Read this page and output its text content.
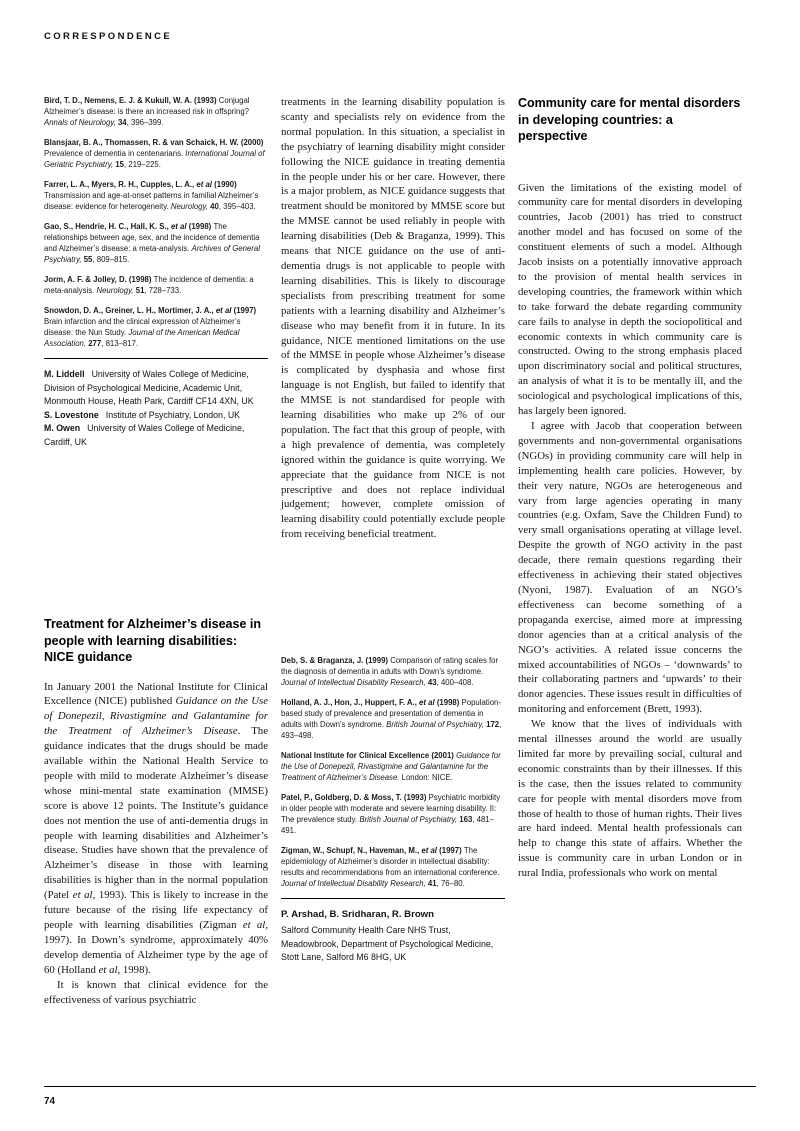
CORRESPONDENCE

Bird, T. D., Nemens, E. J. & Kukull, W. A. (1993) Conjugal Alzheimer’s disease: is there an increased risk in offspring? Annals of Neurology, 34, 396–399.

Blansjaar, B. A., Thomassen, R. & van Schaick, H. W. (2000) Prevalence of dementia in centenarians. International Journal of Geriatric Psychiatry, 15, 219–225.

Farrer, L. A., Myers, R. H., Cupples, L. A., et al (1990) Transmission and age-at-onset patterns in familial Alzheimer’s disease: evidence for heterogeneity. Neurology, 40, 395–403.

Gao, S., Hendrie, H. C., Hall, K. S., et al (1998) The relationships between age, sex, and the incidence of dementia and Alzheimer’s disease: a meta-analysis. Archives of General Psychiatry, 55, 809–815.

Jorm, A. F. & Jolley, D. (1998) The incidence of dementia: a meta-analysis. Neurology, 51, 728–733.

Snowdon, D. A., Greiner, L. H., Mortimer, J. A., et al (1997) Brain infarction and the clinical expression of Alzheimer’s disease: the Nun Study. Journal of the American Medical Association, 277, 813–817.

M. Liddell University of Wales College of Medicine, Division of Psychological Medicine, Academic Unit, Monmouth House, Heath Park, Cardiff CF14 4XN, UK

S. Lovestone Institute of Psychiatry, London, UK

M. Owen University of Wales College of Medicine, Cardiff, UK

Treatment for Alzheimer’s disease in people with learning disabilities: NICE guidance

In January 2001 the National Institute for Clinical Excellence (NICE) published Guidance on the Use of Donepezil, Rivastigmine and Galantamine for the Treatment of Alzheimer’s Disease. The guidance indicates that the drugs should be made available within the National Health Service to people with mild to moderate Alzheimer’s disease whose mini-mental state examination (MMSE) score is above 12 points. The Institute’s guidance does not mention the use of anti-dementia drugs in people with learning disabilities and Alzheimer’s disease. Studies have shown that the prevalence of Alzheimer’s disease in those with learning disabilities is higher than in the normal population (Patel et al, 1993). This is likely to increase in the future because of the rising life expectancy of people with learning disabilities (Zigman et al, 1997). In Down’s syndrome, approximately 40% develop dementia of Alzheimer type by the age of 60 (Holland et al, 1998).

It is known that clinical evidence for the effectiveness of various psychiatric

treatments in the learning disability population is scanty and specialists rely on evidence from the normal population. In this situation, a specialist in the psychiatry of learning disability might consider following the NICE guidance in treating dementia in the people under his or her care. However, there is a major problem, as NICE guidance suggests that treatment should be monitored by MMSE score but the MMSE cannot be used reliably in people with learning disabilities (Deb & Braganza, 1999). This means that NICE guidance on the use of anti-dementia drugs is not applicable to people with learning disabilities. This is likely to discourage specialists from prescribing treatment for some patients with a learning disability and Alzheimer’s disease who may benefit from it in future. In its guidance, NICE mentioned limitations on the use of the MMSE in people whose Alzheimer’s disease is complicated by dysphasia and whose first language is not English, but failed to identify that the MMSE is not standardised for people with learning disabilities who make up 2% of our population. The fact that this group of people, with a high prevalence of dementia, was completely ignored within the guidance is quite worrying. We appreciate that the guidance from NICE is not prescriptive and does not replace individual judgement; however, complete omission of learning disability could potentially exclude people from receiving beneficial treatment.

Deb, S. & Braganza, J. (1999) Comparison of rating scales for the diagnosis of dementia in adults with Down’s syndrome. Journal of Intellectual Disability Research, 43, 400–408.

Holland, A. J., Hon, J., Huppert, F. A., et al (1998) Population-based study of prevalence and presentation of dementia in adults with Down’s syndrome. British Journal of Psychiatry, 172, 493–498.

National Institute for Clinical Excellence (2001) Guidance for the Use of Donepezil, Rivastigmine and Galantamine for the Treatment of Alzheimer’s Disease. London: NICE.

Patel, P., Goldberg, D. & Moss, T. (1993) Psychiatric morbidity in older people with moderate and severe learning disability. II: The prevalence study. British Journal of Psychiatry, 163, 481–491.

Zigman, W., Schupf, N., Haveman, M., et al (1997) The epidemiology of Alzheimer’s disorder in intellectual disability: results and recommendations from an international conference. Journal of Intellectual Disability Research, 41, 76–80.

P. Arshad, B. Sridharan, R. Brown

Salford Community Health Care NHS Trust, Meadowbrook, Department of Psychological Medicine, Stott Lane, Salford M6 8HG, UK

Community care for mental disorders in developing countries: a perspective

Given the limitations of the existing model of community care for mental disorders in developing countries, Jacob (2001) has tried to construct another model and has focused on some of the constituent elements of such a model. Although Jacob insists on a potentially innovative approach to the provision of mental health services in developing countries, the framework within which to take forward the debate regarding community care fails to analyse in depth the sociopolitical and economic contexts in which community care is constructed. Owing to the strong emphasis placed upon discriminatory social and political structures, an analysis of what it is to be mentally ill, and the sociological and psychological implications of this, has largely been ignored.

I agree with Jacob that cooperation between governments and non-governmental organisations (NGOs) in providing community care will help in implementing health care policies. However, by their very nature, NGOs are heterogeneous and vary from large agencies operating in many countries (e.g. Oxfam, Save the Children Fund) to very small organisations operating at village level. Despite the growth of NGO activity in the past decade, there remain questions regarding their effectiveness in achieving their stated objectives (Nyoni, 1987). Evaluation of an NGO’s effectiveness can become something of a propaganda exercise, aimed more at impressing donor agencies than at a critical analysis of the NGO’s activities. A related issue concerns the mixed accountabilities of NGOs – ‘downwards’ to their collaborating partners and ‘upwards’ to their donor agencies. These issues result in difficulties of monitoring and enforcement (Brett, 1993).

We know that the lives of individuals with mental illnesses around the world are usually limited far more by prevailing social, cultural and economic constraints than by their illnesses. If this is the case, then the issues related to community care for people with mental disorders move from those of health to those of human rights. Their lives are hard indeed. Mental health professionals can help to change this state of affairs. Whether the issue is community care in urban London or in rural India, professionals who work on mental

74
